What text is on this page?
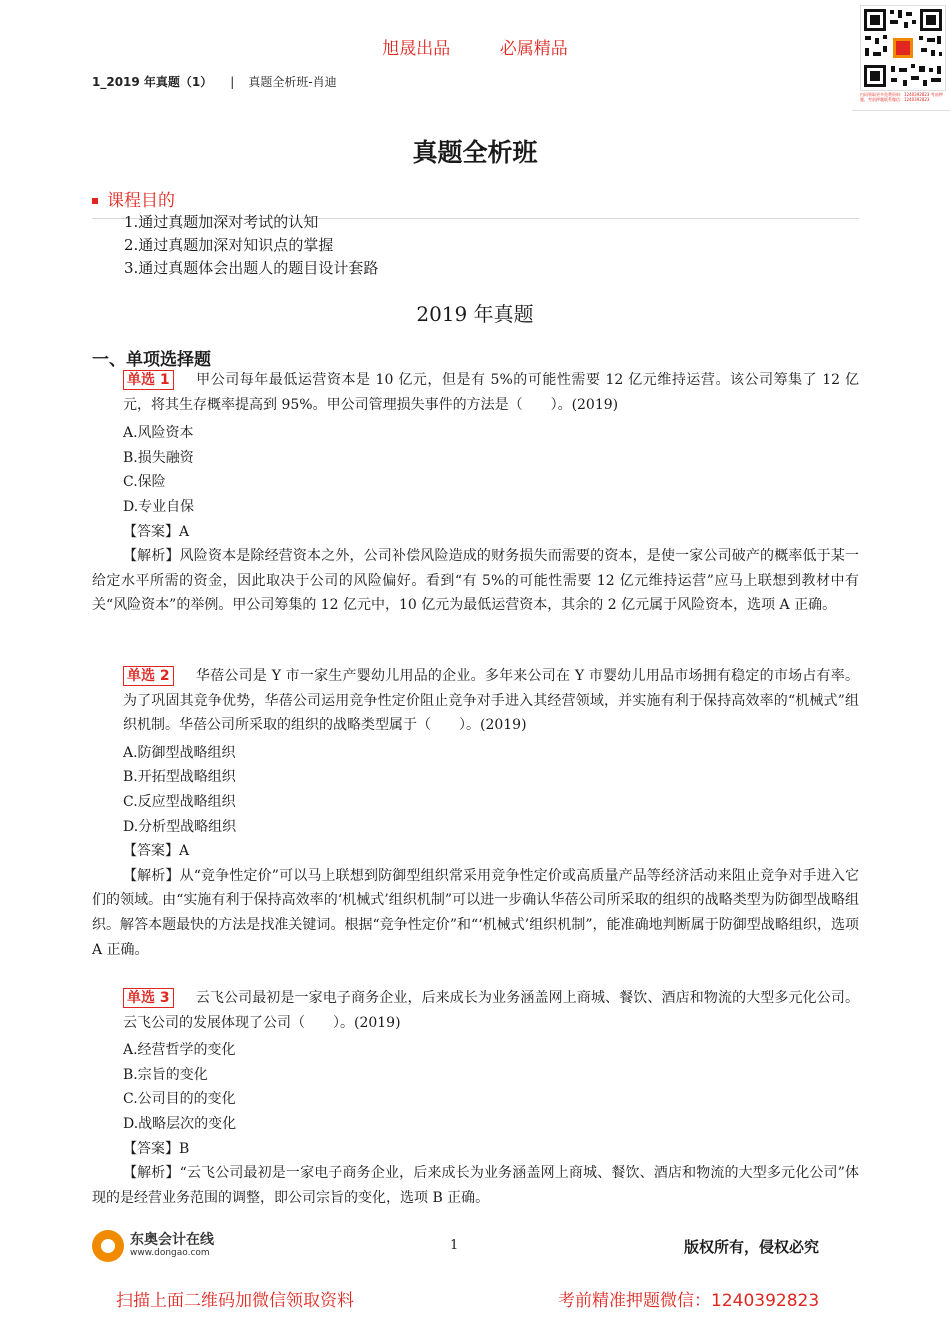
旭晟出品	必属精品
1_2019 年真题（1） | 真题全析班-肖迪
扫码领取更多免费资料：1240392823 考前押题，考前押题联系微信：1240392823
真题全析班
课程目的
1.通过真题加深对考试的认知
2.通过真题加深对知识点的掌握
3.通过真题体会出题人的题目设计套路
2019 年真题
一、单项选择题

单选 1 甲公司每年最低运营资本是 10 亿元，但是有 5%的可能性需要 12 亿元维持运营。该公司筹集了 12 亿元，将其生存概率提高到 95%。甲公司管理损失事件的方法是（　　）。(2019)

A.风险资本

B.损失融资

C.保险

D.专业自保

【答案】A

【解析】风险资本是除经营资本之外，公司补偿风险造成的财务损失而需要的资本，是使一家公司破产的概率低于某一给定水平所需的资金，因此取决于公司的风险偏好。看到“有 5%的可能性需要 12 亿元维持运营”应马上联想到教材中有关“风险资本”的举例。甲公司筹集的 12 亿元中，10 亿元为最低运营资本，其余的 2 亿元属于风险资本，选项 A 正确。

单选 2 华蓓公司是 Y 市一家生产婴幼儿用品的企业。多年来公司在 Y 市婴幼儿用品市场拥有稳定的市场占有率。为了巩固其竞争优势，华蓓公司运用竞争性定价阻止竞争对手进入其经营领域，并实施有利于保持高效率的“机械式”组织机制。华蓓公司所采取的组织的战略类型属于（　　）。(2019)

A.防御型战略组织

B.开拓型战略组织

C.反应型战略组织

D.分析型战略组织

【答案】A

【解析】从“竞争性定价”可以马上联想到防御型组织常采用竞争性定价或高质量产品等经济活动来阻止竞争对手进入它们的领域。由“实施有利于保持高效率的‘机械式’组织机制”可以进一步确认华蓓公司所采取的组织的战略类型为防御型战略组织。解答本题最快的方法是找准关键词。根据“竞争性定价”和“‘机械式’组织机制”，能准确地判断属于防御型战略组织，选项 A 正确。

单选 3 云飞公司最初是一家电子商务企业，后来成长为业务涵盖网上商城、餐饮、酒店和物流的大型多元化公司。云飞公司的发展体现了公司（　　）。(2019)

A.经营哲学的变化

B.宗旨的变化

C.公司目的的变化

D.战略层次的变化

【答案】B

【解析】“云飞公司最初是一家电子商务企业，后来成长为业务涵盖网上商城、餐饮、酒店和物流的大型多元化公司”体现的是经营业务范围的调整，即公司宗旨的变化，选项 B 正确。

东奥会计在线
www.dongao.com	1	版权所有，侵权必究
扫描上面二维码加微信领取资料	考前精准押题微信：1240392823
